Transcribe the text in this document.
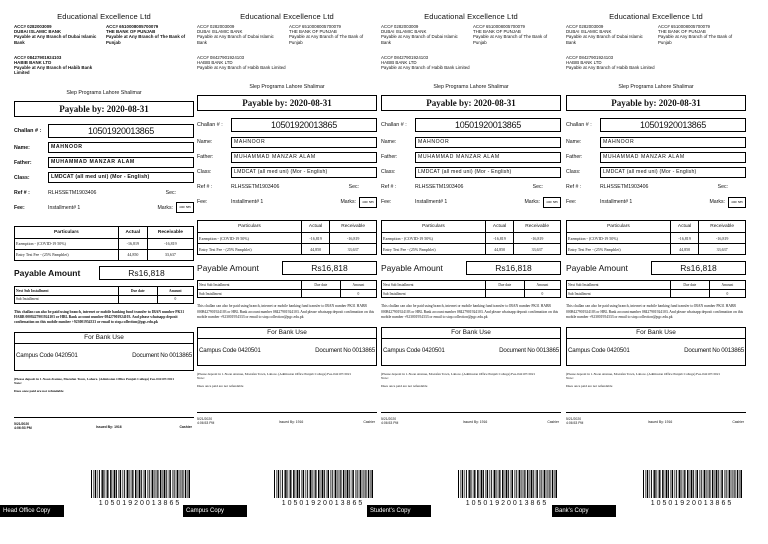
Educational Excellence Ltd
ACC# 0282003009
DUBAI ISLAMIC BANK
Payable at Any Branch of Dubai Islamic Bank
ACC# 6510008005700079
THE BANK OF PUNJAB
Payable at Any Branch of The Bank of Punjab
ACC# 08427901924103
HABIB BANK LTD
Payable at Any Branch of Habib Bank Limited
Slep Programs Lahore Shalimar
Payable by: 2020-08-31
Challan # :	10501920013865
Name:	MAHNOOR
Father:	MUHAMMAD MANZAR ALAM
Class:	LMDCAT (all med uni) (Mor - English)
Ref # :	RLHSSETM1903406	Sec:
Fee:	Installment# 1	Marks:	400/ 585
Particulars	Actual	Receivable
Exemption - (COVID-19 50%)	-16,819	-16,819
Entry Test Fee - (25% Pamphlet)	44,850	33,637
Payable Amount	Rs16,818
Next Sub Installment	Due date	Amount
Sub Installment		0
This challan can also be paid using branch, internet or mobile banking fund transfer to IBAN number PK31 HABB 0008427901924103 or HBL Bank account number 08427901924103. And please whatsapp deposit confirmation on this mobile number +923001954333 or email to stop.collection@pgc.edu.pk
For Bank Use
Campus Code 0420501	Document No 0013865
(Please deposit in 1-Noon Avenue, Mozafan Town, Lahore. (Admission Office Punjab College) Fee-042107/2021
Note:
Dues once paid are not refundable
5/21/2020
4:06:53 PM	Issued By: 1916	Cashier
10501920013865
Head Office Copy
Educational Excellence Ltd
ACC# 0282003009
DUBAI ISLAMIC BANK
Payable at Any Branch of Dubai Islamic Bank
ACC# 6510008005700079
THE BANK OF PUNJAB
Payable at Any Branch of The Bank of Punjab
ACC# 08427901924103
HABIB BANK LTD
Payable at Any Branch of Habib Bank Limited
Slep Programs Lahore Shalimar
Payable by: 2020-08-31
Challan # :	10501920013865
Name:	MAHNOOR
Father:	MUHAMMAD MANZAR ALAM
Class:	LMDCAT (all med uni) (Mor - English)
Ref # :	RLHSSETM1903406	Sec:
Fee:	Installment# 1	Marks:	400/ 585
Particulars	Actual	Receivable
Exemption - (COVID-19 50%)	-16,819	-16,819
Entry Test Fee - (25% Pamphlet)	44,850	33,637
Payable Amount	Rs16,818
Next Sub Installment	Due date	Amount
Sub Installment		0
This challan can also be paid using branch, internet or mobile banking fund transfer to IBAN number PK31 HABB 0008427901924103 or HBL Bank account number 08427901924103. And please whatsapp deposit confirmation on this mobile number +923001954333 or email to stop.collection@pgc.edu.pk
For Bank Use
Campus Code 0420501	Document No 0013865
(Please deposit in 1-Noon Avenue, Mozafan Town, Lahore. (Admission Office Punjab College) Fee-042107/2021
Note:
Dues once paid are not refundable
5/21/2020
4:06:53 PM	Issued By: 1916	Cashier
10501920013865
Campus Copy
Educational Excellence Ltd
ACC# 0282003009
DUBAI ISLAMIC BANK
Payable at Any Branch of Dubai Islamic Bank
ACC# 6510008005700079
THE BANK OF PUNJAB
Payable at Any Branch of The Bank of Punjab
ACC# 08427901924103
HABIB BANK LTD
Payable at Any Branch of Habib Bank Limited
Slep Programs Lahore Shalimar
Payable by: 2020-08-31
Challan # :	10501920013865
Name:	MAHNOOR
Father:	MUHAMMAD MANZAR ALAM
Class:	LMDCAT (all med uni) (Mor - English)
Ref # :	RLHSSETM1903406	Sec:
Fee:	Installment# 1	Marks:	400/ 585
Particulars	Actual	Receivable
Exemption - (COVID-19 50%)	-16,819	-16,819
Entry Test Fee - (25% Pamphlet)	44,850	33,637
Payable Amount	Rs16,818
Next Sub Installment	Due date	Amount
Sub Installment		0
This challan can also be paid using branch, internet or mobile banking fund transfer to IBAN number PK31 HABB 0008427901924103 or HBL Bank account number 08427901924103. And please whatsapp deposit confirmation on this mobile number +923001954333 or email to stop.collection@pgc.edu.pk
For Bank Use
Campus Code 0420501	Document No 0013865
(Please deposit in 1-Noon Avenue, Mozafan Town, Lahore. (Admission Office Punjab College) Fee-042107/2021
Note:
Dues once paid are not refundable
5/21/2020
4:06:53 PM	Issued By: 1916	Cashier
10501920013865
Student's Copy
Educational Excellence Ltd
ACC# 0282003009
DUBAI ISLAMIC BANK
Payable at Any Branch of Dubai Islamic Bank
ACC# 6510008005700079
THE BANK OF PUNJAB
Payable at Any Branch of The Bank of Punjab
ACC# 08427901924103
HABIB BANK LTD
Payable at Any Branch of Habib Bank Limited
Slep Programs Lahore Shalimar
Payable by: 2020-08-31
Challan # :	10501920013865
Name:	MAHNOOR
Father:	MUHAMMAD MANZAR ALAM
Class:	LMDCAT (all med uni) (Mor - English)
Ref # :	RLHSSETM1903406	Sec:
Fee:	Installment# 1	Marks:	400/ 585
Particulars	Actual	Receivable
Exemption - (COVID-19 50%)	-16,819	-16,819
Entry Test Fee - (25% Pamphlet)	44,850	33,637
Payable Amount	Rs16,818
Next Sub Installment	Due date	Amount
Sub Installment		0
This challan can also be paid using branch, internet or mobile banking fund transfer to IBAN number PK31 HABB 0008427901924103 or HBL Bank account number 08427901924103. And please whatsapp deposit confirmation on this mobile number +923001954333 or email to stop.collection@pgc.edu.pk
For Bank Use
Campus Code 0420501	Document No 0013865
(Please deposit in 1-Noon Avenue, Mozafan Town, Lahore. (Admission Office Punjab College) Fee-042107/2021
Note:
Dues once paid are not refundable
5/21/2020
4:06:53 PM	Issued By: 1916	Cashier
10501920013865
Bank's Copy
